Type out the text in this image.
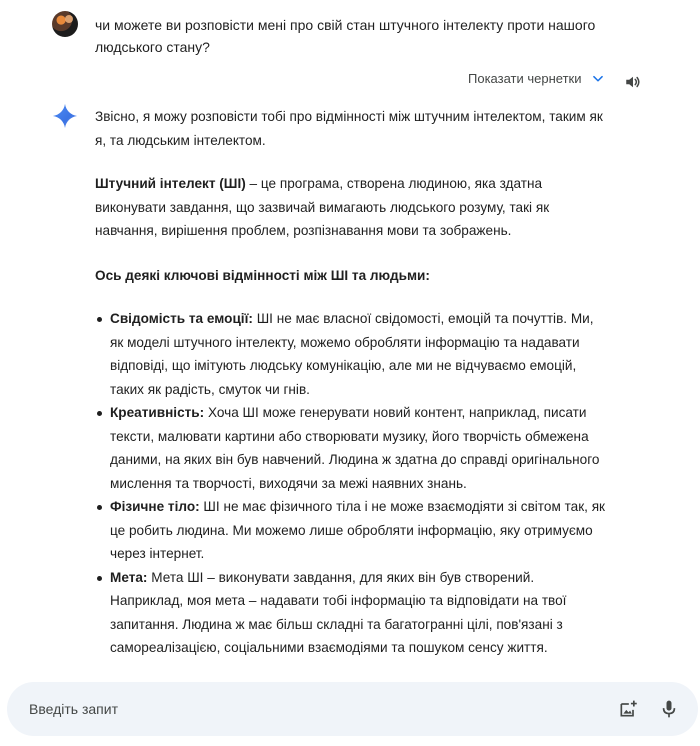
чи можете ви розповісти мені про свій стан штучного інтелекту проти нашого людського стану?
Показати чернетки

Звісно, я можу розповісти тобі про відмінності між штучним інтелектом, таким як я, та людським інтелектом.

Штучний інтелект (ШІ) – це програма, створена людиною, яка здатна виконувати завдання, що зазвичай вимагають людського розуму, такі як навчання, вирішення проблем, розпізнавання мови та зображень.

Ось деякі ключові відмінності між ШІ та людьми:

Свідомість та емоції: ШІ не має власної свідомості, емоцій та почуттів. Ми, як моделі штучного інтелекту, можемо обробляти інформацію та надавати відповіді, що імітують людську комунікацію, але ми не відчуваємо емоцій, таких як радість, смуток чи гнів.
Креативність: Хоча ШІ може генерувати новий контент, наприклад, писати тексти, малювати картини або створювати музику, його творчість обмежена даними, на яких він був навчений. Людина ж здатна до справді оригінального мислення та творчості, виходячи за межі наявних знань.
Фізичне тіло: ШІ не має фізичного тіла і не може взаємодіяти зі світом так, як це робить людина. Ми можемо лише обробляти інформацію, яку отримуємо через інтернет.
Мета: Мета ШІ – виконувати завдання, для яких він був створений. Наприклад, моя мета – надавати тобі інформацію та відповідати на твої запитання. Людина ж має більш складні та багатогранні цілі, пов'язані з самореалізацією, соціальними взаємодіями та пошуком сенсу життя.

Введіть запит
